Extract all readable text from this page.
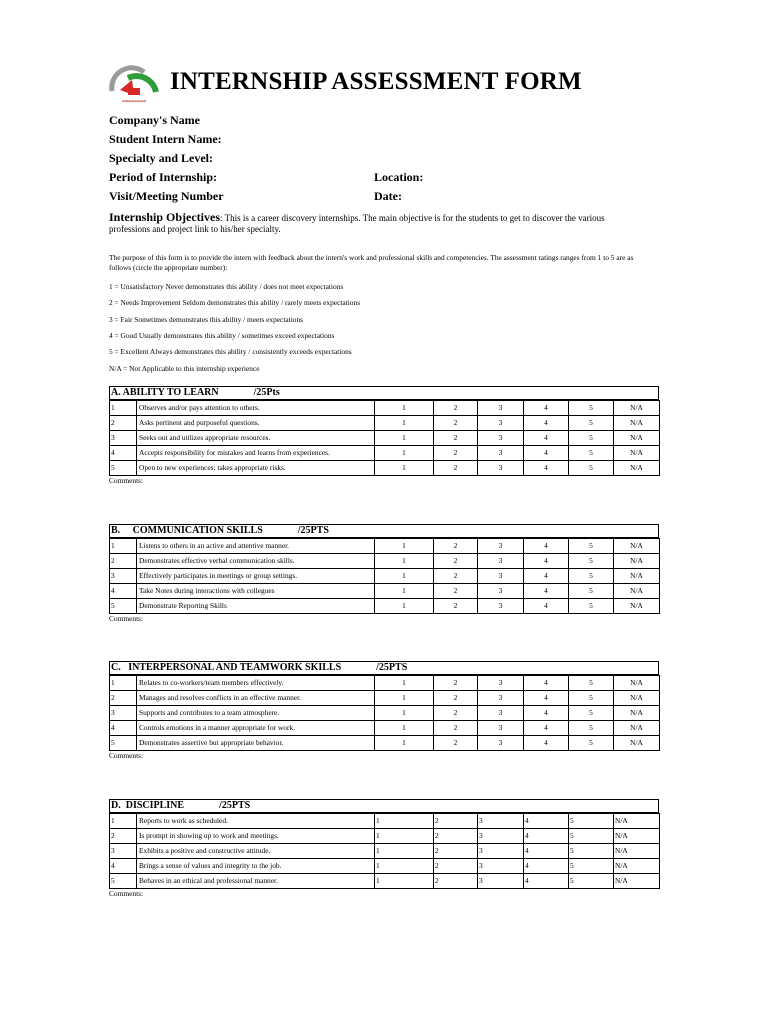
▬▬▬▬▬▬▬▬
INTERNSHIP ASSESSMENT FORM
Company's Name
Student Intern Name:
Specialty and Level:
Period of Internship:	Location:
Visit/Meeting Number	Date:
Internship Objectives: This is a career discovery internships. The main objective is for the students to get to discover the various professions and project link to his/her specialty.
The purpose of this form is to provide the intern with feedback about the intern's work and professional skills and competencies. The assessment ratings ranges from 1 to 5 are as follows (circle the appropriate number):
1 = Unsatisfactory Never demonstrates this ability / does not meet expectations
2 = Needs Improvement Seldom demonstrates this ability / rarely meets expectations
3 = Fair Sometimes demonstrates this ability / meets expectations
4 = Good Usually demonstrates this ability / sometimes exceed expectations
5 = Excellent Always demonstrates this ability / consistently exceeds expectations
N/A = Not Applicable to this internship experience
A. ABILITY TO LEARN              /25Pts
1	Observes and/or pays attention to others.	1	2	3	4	5	N/A
2	Asks pertinent and purposeful questions.	1	2	3	4	5	N/A
3	Seeks out and utilizes appropriate resources.	1	2	3	4	5	N/A
4	Accepts responsibility for mistakes and learns from experiences.	1	2	3	4	5	N/A
5	Open to new experiences; takes appropriate risks.	1	2	3	4	5	N/A
Comments:
B.     COMMUNICATION SKILLS              /25PTS
1	Listens to others in an active and attentive manner.	1	2	3	4	5	N/A
2	Demonstrates effective verbal communication skills.	1	2	3	4	5	N/A
3	Effectively participates in meetings or group settings.	1	2	3	4	5	N/A
4	Take Notes during interactions with collegues	1	2	3	4	5	N/A
5	Demonstrate Reporting Skills	1	2	3	4	5	N/A
Comments:
C.   INTERPERSONAL AND TEAMWORK SKILLS              /25PTS
1	Relates to co-workers/team members effectively.	1	2	3	4	5	N/A
2	Manages and resolves conflicts in an effective manner.	1	2	3	4	5	N/A
3	Supports and contributes to a team atmosphere.	1	2	3	4	5	N/A
4	Controls emotions in a manner appropriate for work.	1	2	3	4	5	N/A
5	Demonstrates assertive but appropriate behavior.	1	2	3	4	5	N/A
Comments:
D.  DISCIPLINE              /25PTS
1	Reports to work as scheduled.	1	2	3	4	5	N/A
2	Is prompt in showing up to work and meetings.	1	2	3	4	5	N/A
3	Exhibits a positive and constructive attitude.	1	2	3	4	5	N/A
4	Brings a sense of values and integrity to the job.	1	2	3	4	5	N/A
5	Behaves in an ethical and professional manner.	1	2	3	4	5	N/A
Comments:
